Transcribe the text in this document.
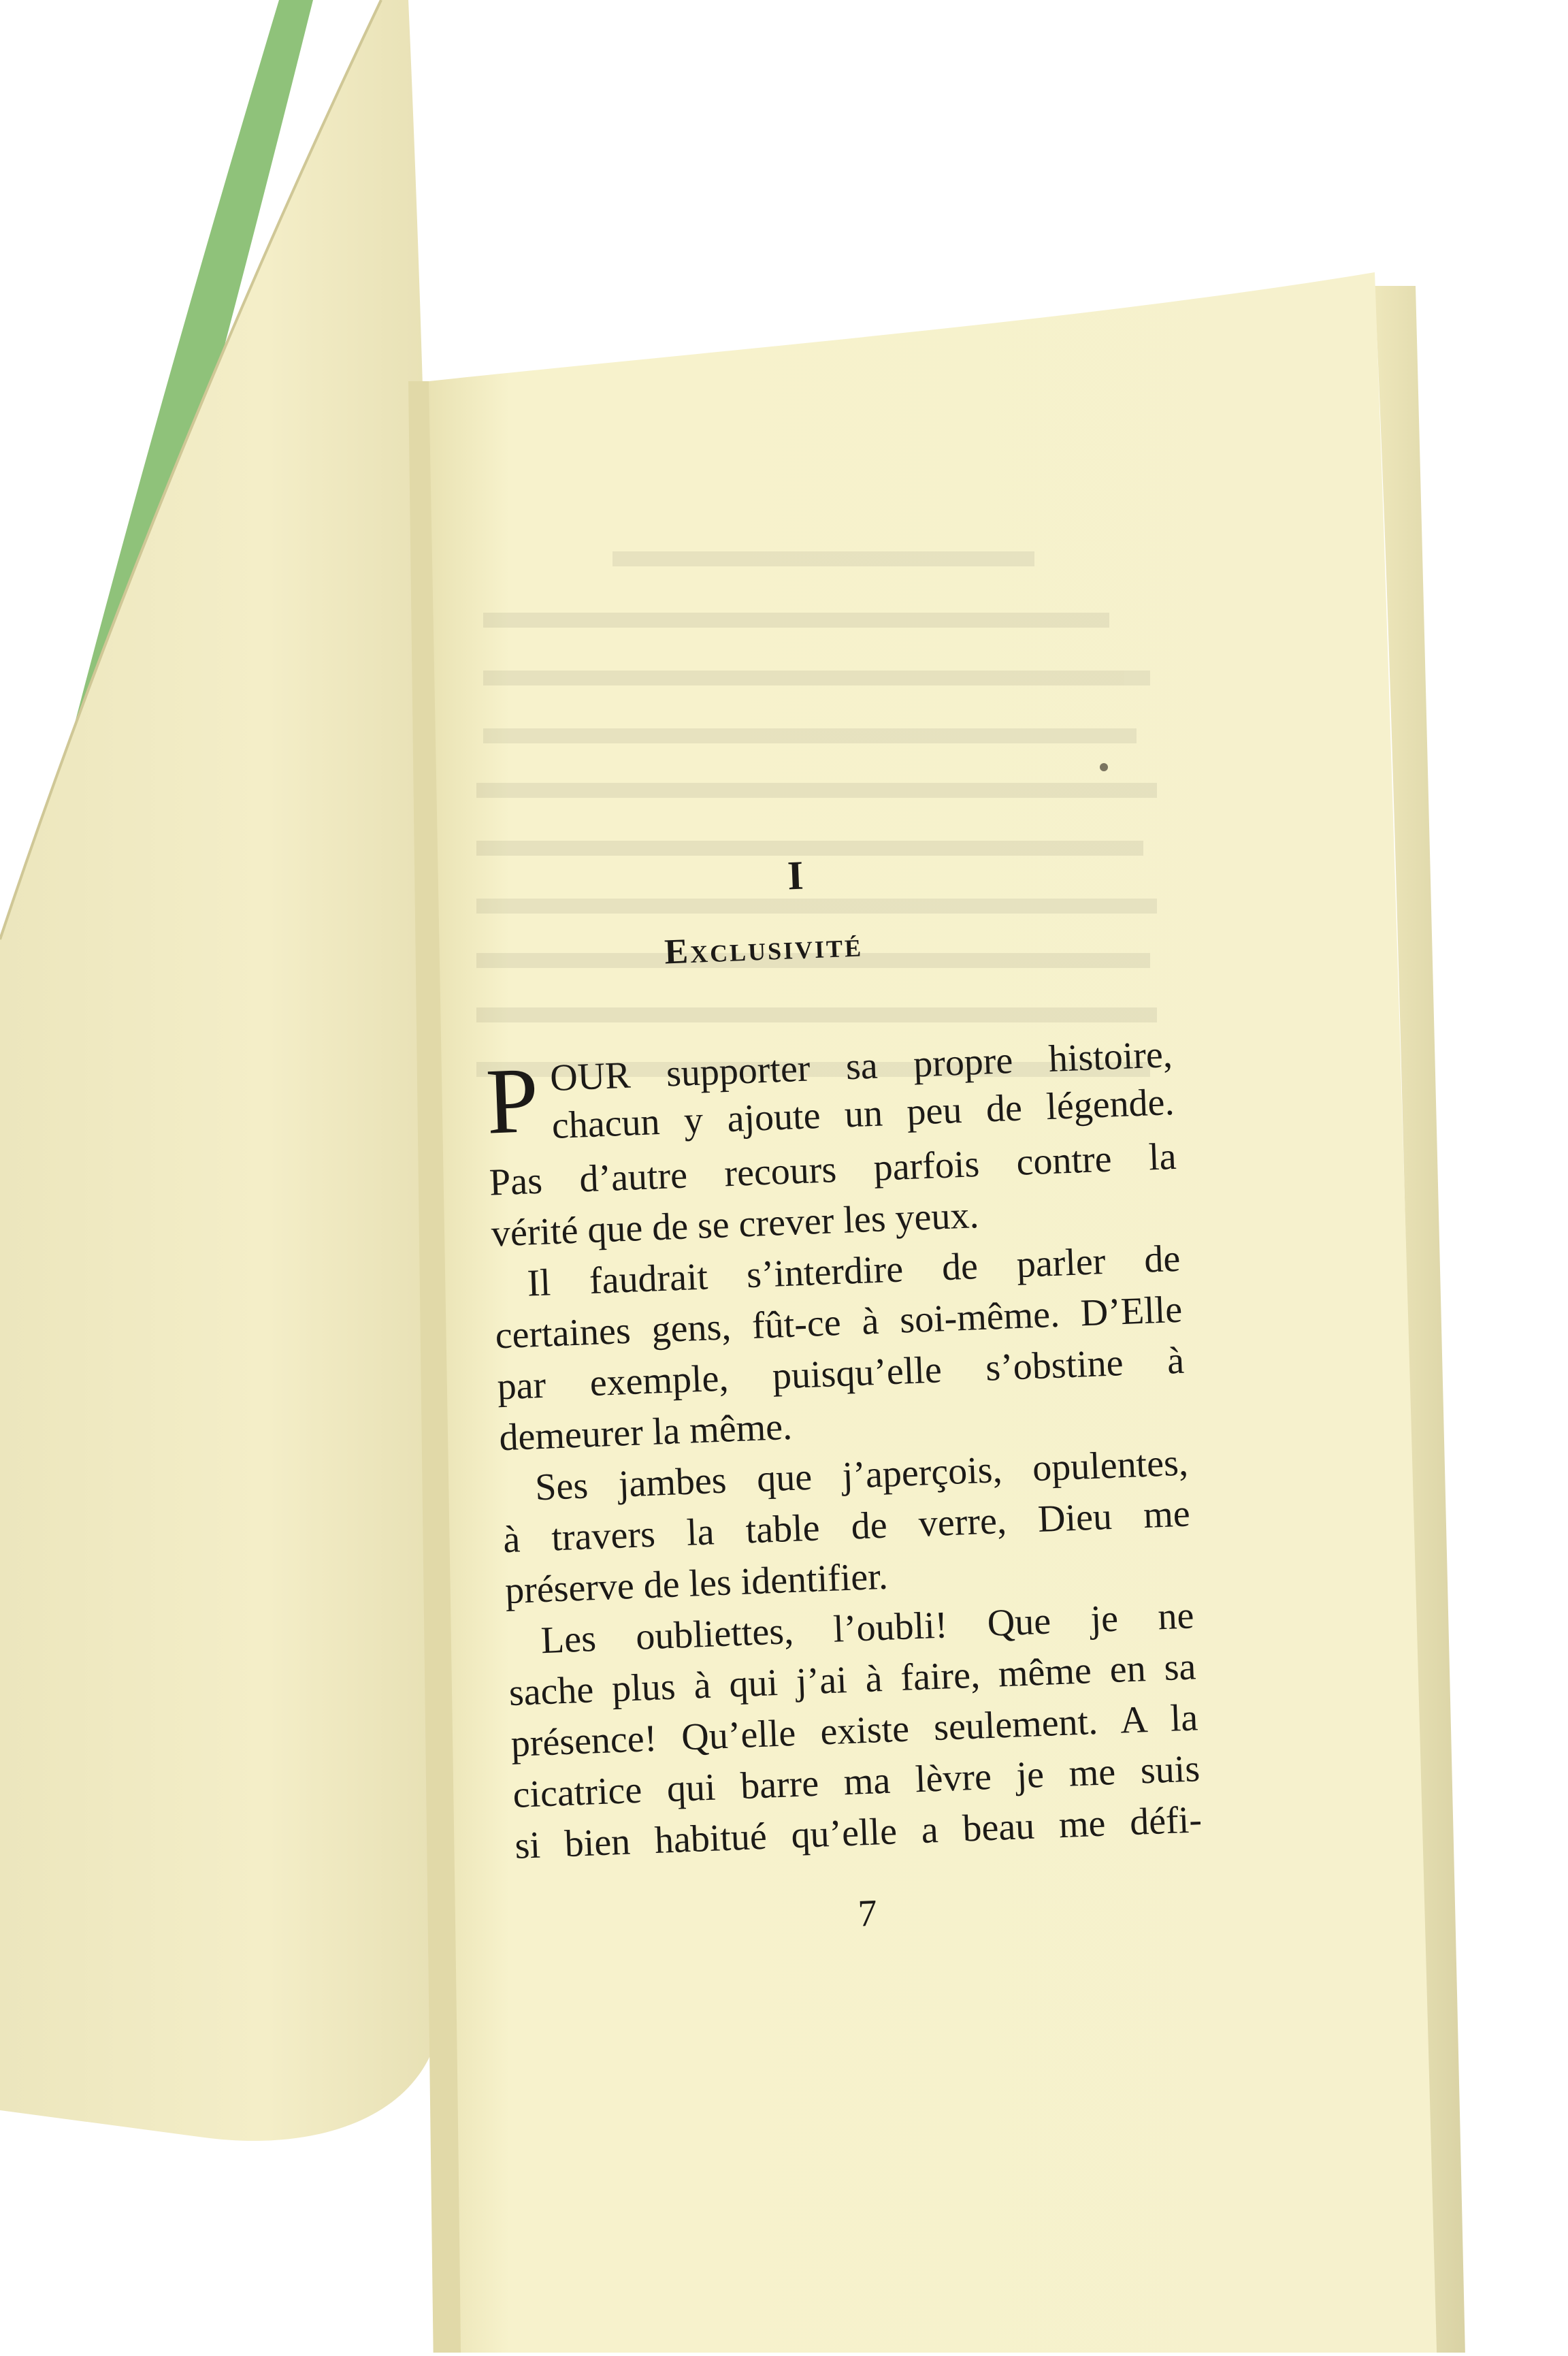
I
Exclusivité
P OUR supporter sa propre histoire,
chacun y ajoute un peu de légende.
Pas d’autre recours parfois contre la
vérité que de se crever les yeux.
Il faudrait s’interdire de parler de
certaines gens, fût-ce à soi-même. D’Elle
par exemple, puisqu’elle s’obstine à
demeurer la même.
Ses jambes que j’aperçois, opulentes,
à travers la table de verre, Dieu me
préserve de les identifier.
Les oubliettes, l’oubli! Que je ne
sache plus à qui j’ai à faire, même en sa
présence! Qu’elle existe seulement. A la
cicatrice qui barre ma lèvre je me suis
si bien habitué qu’elle a beau me défi-
7
